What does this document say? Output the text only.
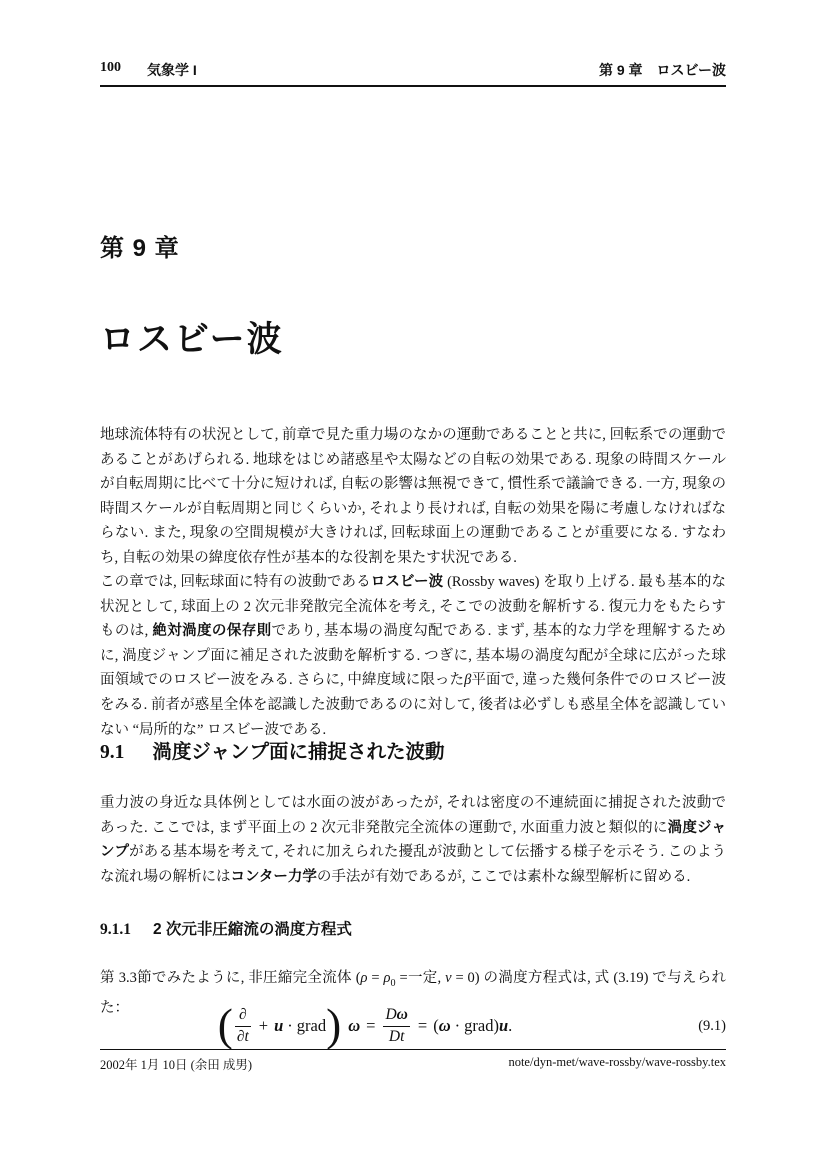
100 気象学 I	第 9 章　ロスビー波
第 9 章
ロスビー波

地球流体特有の状況として, 前章で見た重力場のなかの運動であることと共に, 回転系での運動であることがあげられる. 地球をはじめ諸惑星や太陽などの自転の効果である. 現象の時間スケールが自転周期に比べて十分に短ければ, 自転の影響は無視できて, 慣性系で議論できる. 一方, 現象の時間スケールが自転周期と同じくらいか, それより長ければ, 自転の効果を陽に考慮しなければならない. また, 現象の空間規模が大きければ, 回転球面上の運動であることが重要になる. すなわち, 自転の効果の緯度依存性が基本的な役割を果たす状況である.

この章では, 回転球面に特有の波動であるロスビー波 (Rossby waves) を取り上げる. 最も基本的な状況として, 球面上の 2 次元非発散完全流体を考え, そこでの波動を解析する. 復元力をもたらすものは, 絶対渦度の保存則であり, 基本場の渦度勾配である. まず, 基本的な力学を理解するために, 渦度ジャンプ面に補足された波動を解析する. つぎに, 基本場の渦度勾配が全球に広がった球面領域でのロスビー波をみる. さらに, 中緯度域に限ったβ平面で, 違った幾何条件でのロスビー波をみる. 前者が惑星全体を認識した波動であるのに対して, 後者は必ずしも惑星全体を認識していない “局所的な” ロスビー波である.

9.1 渦度ジャンプ面に捕捉された波動

重力波の身近な具体例としては水面の波があったが, それは密度の不連続面に捕捉された波動であった. ここでは, まず平面上の 2 次元非発散完全流体の運動で, 水面重力波と類似的に渦度ジャンプがある基本場を考えて, それに加えられた擾乱が波動として伝播する様子を示そう. このような流れ場の解析にはコンター力学の手法が有効であるが, ここでは素朴な線型解析に留める.

9.1.1 2 次元非圧縮流の渦度方程式

第 3.3節でみたように, 非圧縮完全流体 ($\rho = \rho_0$ =一定, ν = 0) の渦度方程式は, 式 (3.19) で与えられた：	( $\frac{\partial}{\partial t} + u$ · grad ) $\omega = \frac{D\omega}{Dt}$ = ( ω · grad ) u .	(9.1)
2002年 1月 10日 (余田 成男)	note/dyn-met/wave-rossby/wave-rossby.tex
